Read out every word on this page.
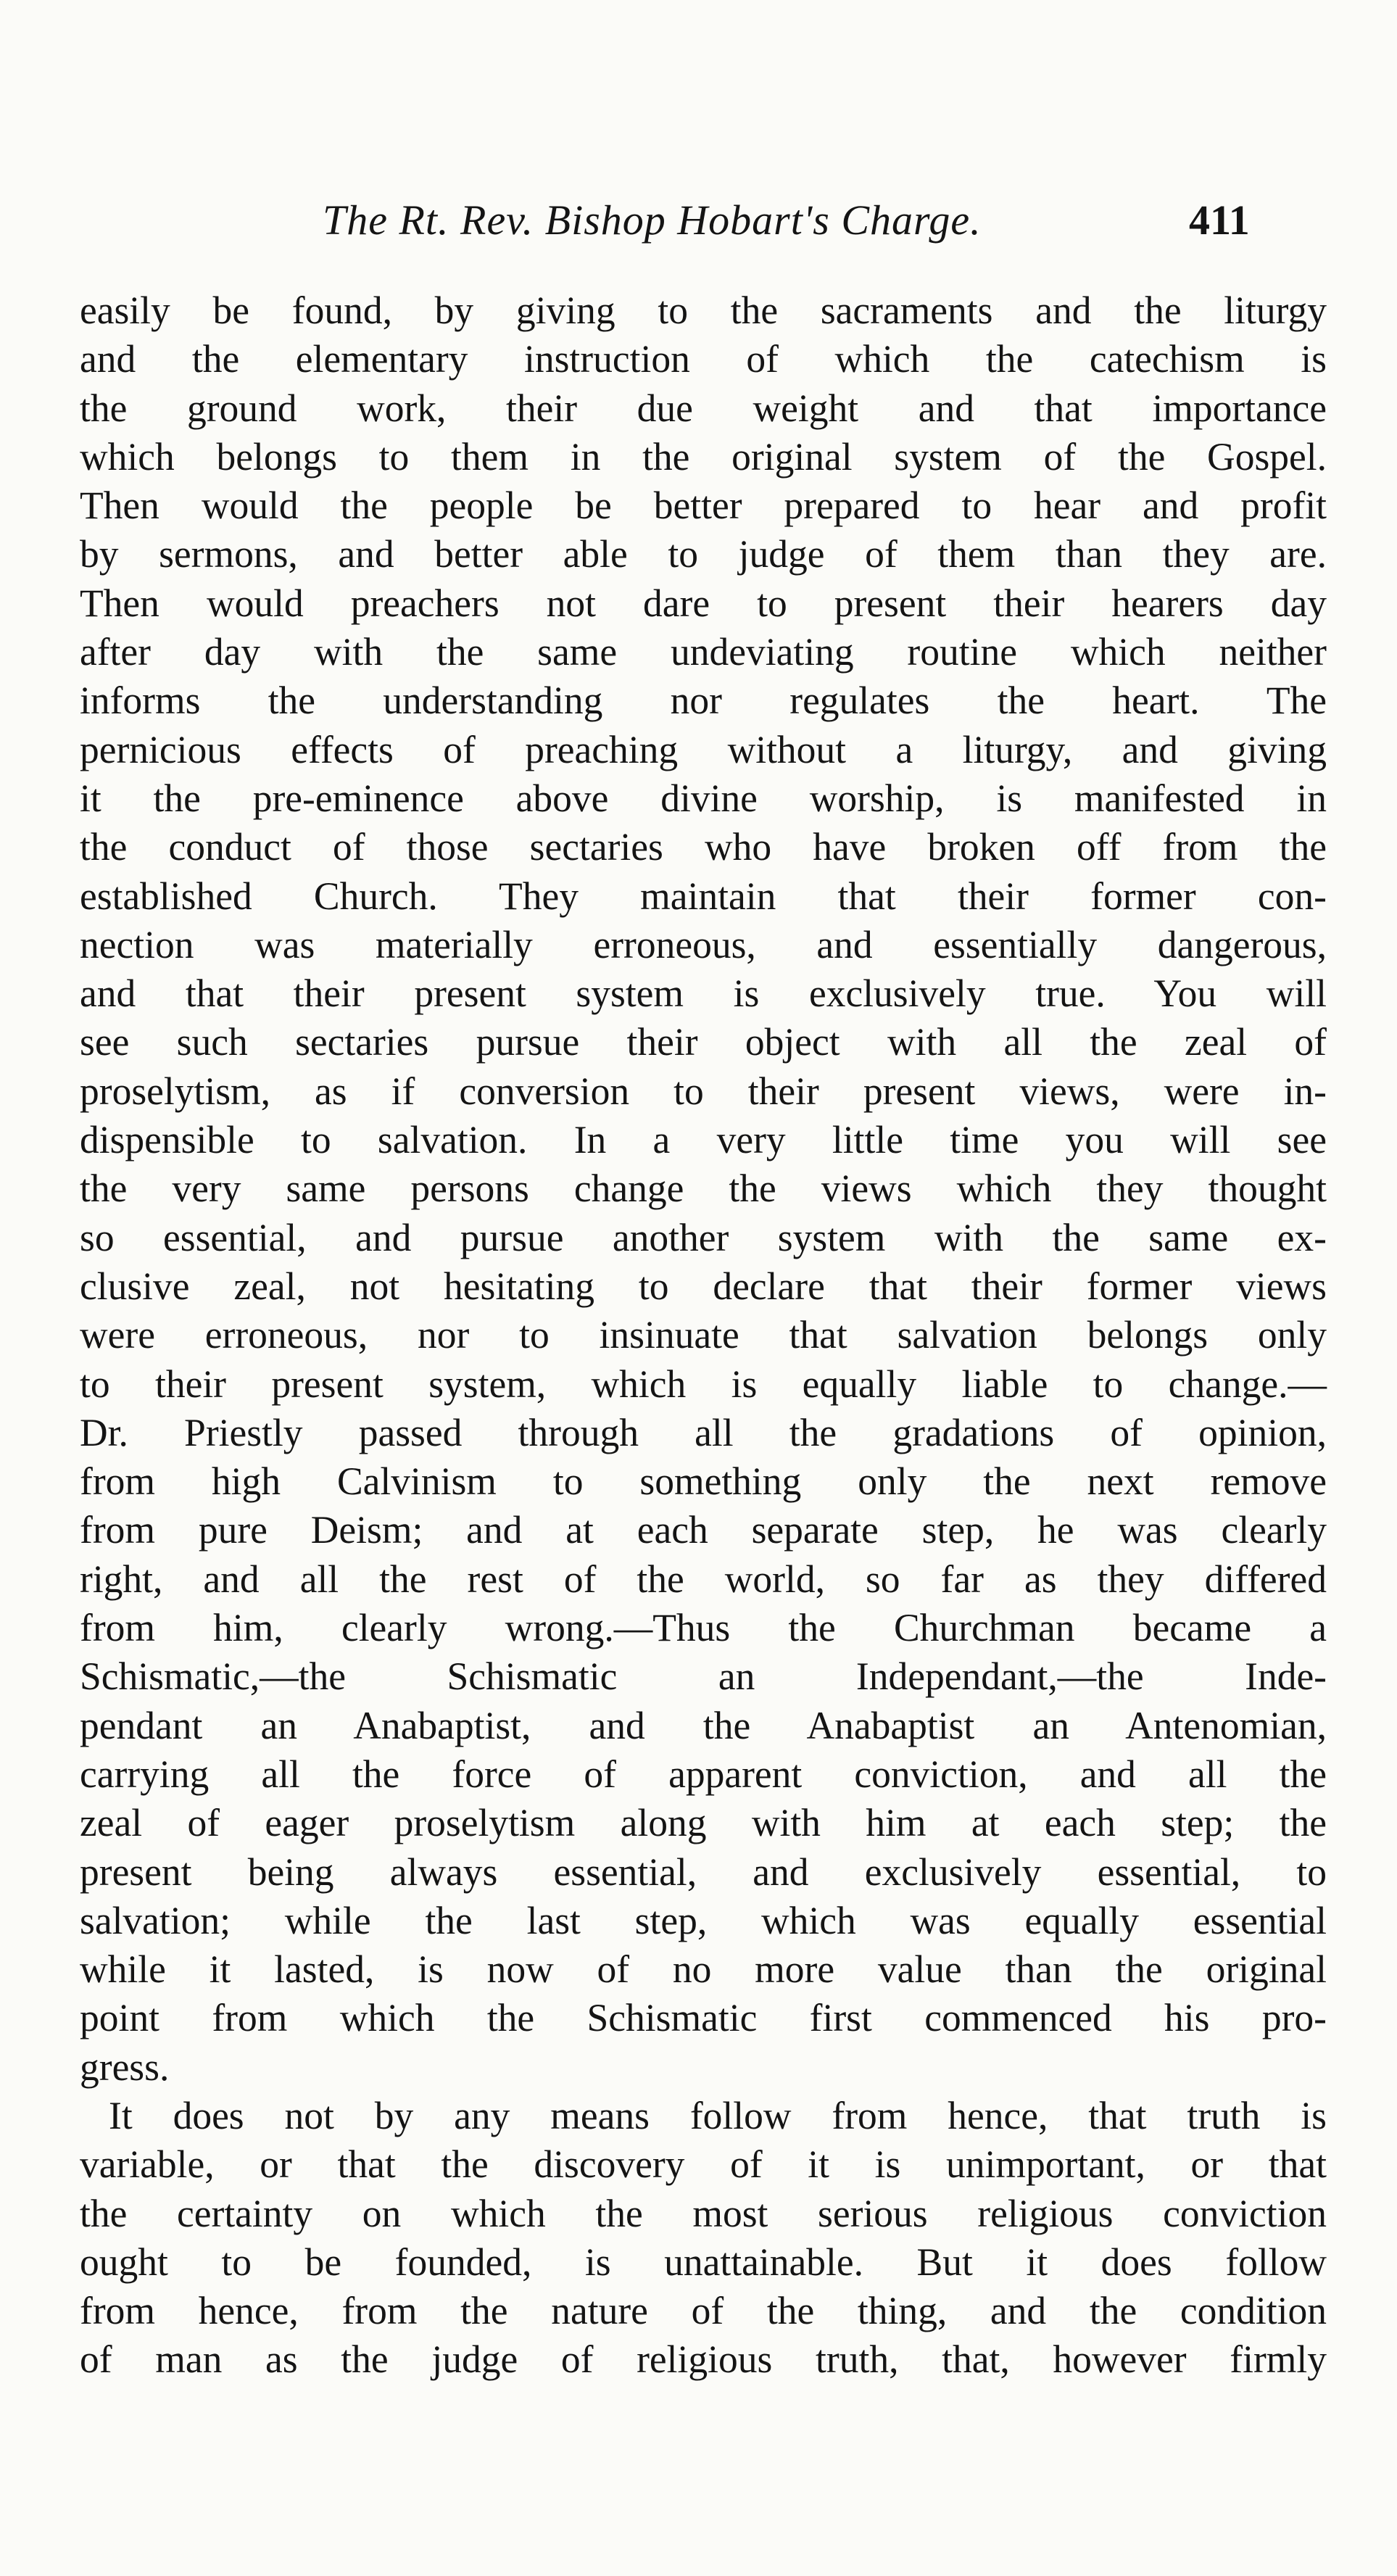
The Rt. Rev. Bishop Hobart's Charge.	411
easily be found, by giving to the sacraments and the liturgy
and the elementary instruction of which the catechism is
the ground work, their due weight and that importance
which belongs to them in the original system of the Gospel.
Then would the people be better prepared to hear and profit
by sermons, and better able to judge of them than they are.
Then would preachers not dare to present their hearers day
after day with the same undeviating routine which neither
informs the understanding nor regulates the heart. The
pernicious effects of preaching without a liturgy, and giving
it the pre-eminence above divine worship, is manifested in
the conduct of those sectaries who have broken off from the
established Church. They maintain that their former con-
nection was materially erroneous, and essentially dangerous,
and that their present system is exclusively true. You will
see such sectaries pursue their object with all the zeal of
proselytism, as if conversion to their present views, were in-
dispensible to salvation. In a very little time you will see
the very same persons change the views which they thought
so essential, and pursue another system with the same ex-
clusive zeal, not hesitating to declare that their former views
were erroneous, nor to insinuate that salvation belongs only
to their present system, which is equally liable to change.—
Dr. Priestly passed through all the gradations of opinion,
from high Calvinism to something only the next remove
from pure Deism; and at each separate step, he was clearly
right, and all the rest of the world, so far as they differed
from him, clearly wrong.—Thus the Churchman became a
Schismatic,—the Schismatic an Independant,—the Inde-
pendant an Anabaptist, and the Anabaptist an Antenomian,
carrying all the force of apparent conviction, and all the
zeal of eager proselytism along with him at each step; the
present being always essential, and exclusively essential, to
salvation; while the last step, which was equally essential
while it lasted, is now of no more value than the original
point from which the Schismatic first commenced his pro-
gress.
It does not by any means follow from hence, that truth is
variable, or that the discovery of it is unimportant, or that
the certainty on which the most serious religious conviction
ought to be founded, is unattainable. But it does follow
from hence, from the nature of the thing, and the condition
of man as the judge of religious truth, that, however firmly
